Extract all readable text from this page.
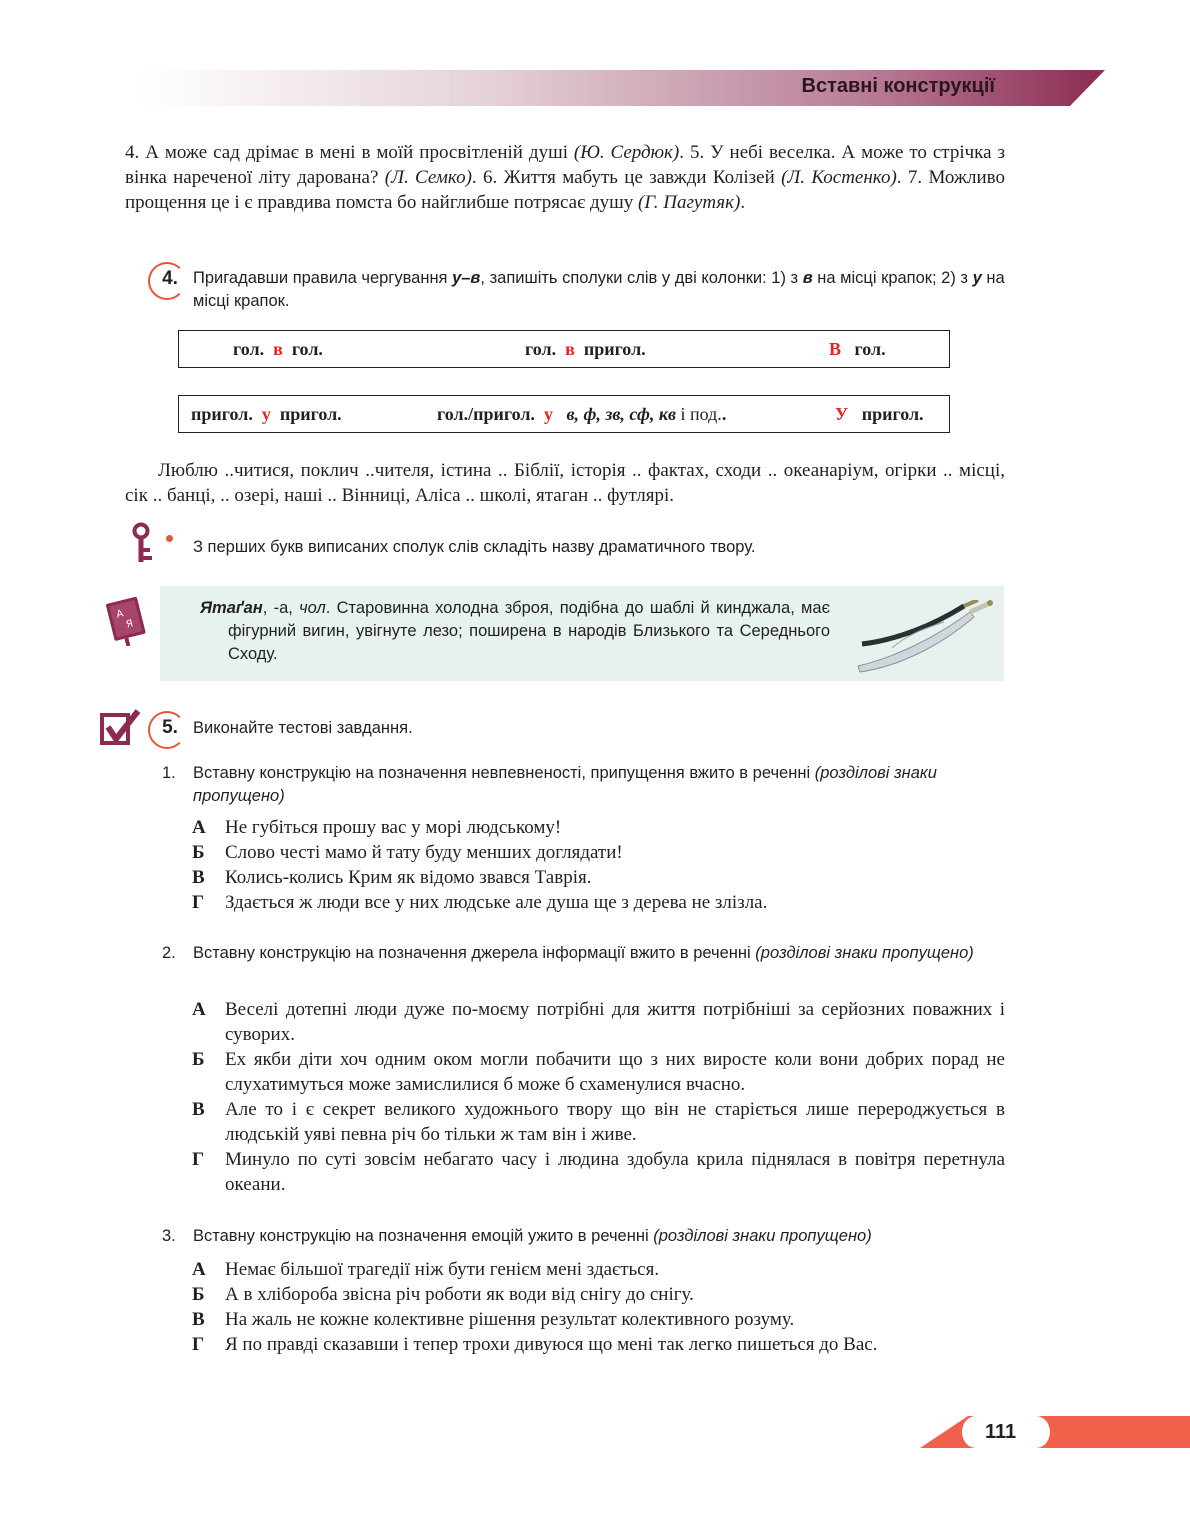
Вставні конструкції
4. А може сад дрімає в мені в моїй просвітленій душі (Ю. Сердюк). 5. У небі веселка. А може то стрічка з вінка нареченої літу дарована? (Л. Семко). 6. Життя мабуть це завжди Колізей (Л. Костенко). 7. Можливо прощення це і є правдива помста бо найглибше потрясає душу (Г. Пагутяк).
4. Пригадавши правила чергування у–в, запишіть сполуки слів у дві колонки: 1) з в на місці крапок; 2) з у на місці крапок.
гол. в гол.	гол. в пригол.	В гол.
пригол. у пригол.	гол./пригол. у в, ф, зв, сф, кв і под..	У пригол.
Люблю ..читися, поклич ..чителя, істина .. Біблії, історія .. фактах, сходи .. океанаріум, огірки .. місці, сік .. банці, .. озері, наші .. Вінниці, Аліса .. школі, ятаган .. футлярі.
З перших букв виписаних сполук слів складіть назву драматичного твору.
А
Я
Ятаґан, -а, чол. Старовинна холодна зброя, подібна до шаблі й кинджала, має фігурний вигин, увігнуте лезо; поширена в народів Близького та Середнього Сходу.
5. Виконайте тестові завдання.
1. Вставну конструкцію на позначення невпевненості, припущення вжито в реченні (розділові знаки пропущено)
А Не губіться прошу вас у морі людському!
Б Слово честі мамо й тату буду менших доглядати!
В Колись-колись Крим як відомо звався Таврія.
Г Здається ж люди все у них людське але душа ще з дерева не злізла.
2. Вставну конструкцію на позначення джерела інформації вжито в реченні (розділові знаки пропущено)
А Веселі дотепні люди дуже по-моєму потрібні для життя потрібніші за серйозних поважних і суворих.
Б Ех якби діти хоч одним оком могли побачити що з них виросте коли вони добрих порад не слухатимуться може замислилися б може б схаменулися вчасно.
В Але то і є секрет великого художнього твору що він не старіється лише перероджується в людській уяві певна річ бо тільки ж там він і живе.
Г Минуло по суті зовсім небагато часу і людина здобула крила піднялася в повітря перетнула океани.
3. Вставну конструкцію на позначення емоцій ужито в реченні (розділові знаки пропущено)
А Немає більшої трагедії ніж бути генієм мені здається.
Б А в хлібороба звісна річ роботи як води від снігу до снігу.
В На жаль не кожне колективне рішення результат колективного розуму.
Г Я по правді сказавши і тепер трохи дивуюся що мені так легко пишеться до Вас.
111
